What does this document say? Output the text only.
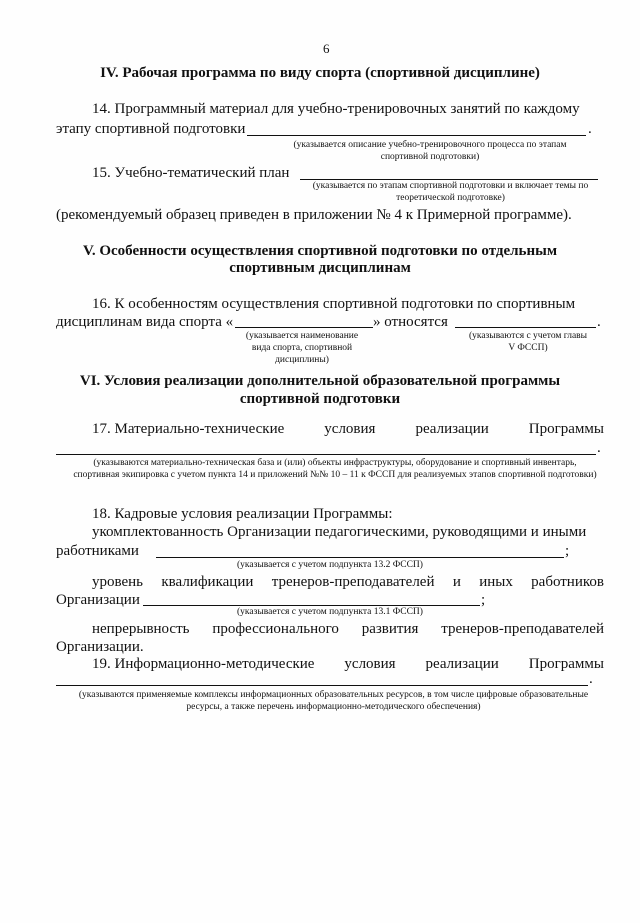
6
IV. Рабочая программа по виду спорта (спортивной дисциплине)
14. Программный материал для учебно-тренировочных занятий по каждому
этапу спортивной подготовки	.
(указывается описание учебно-тренировочного процесса по этапам спортивной подготовки)
15. Учебно-тематический план
(указывается по этапам спортивной подготовки и включает темы по теоретической подготовке)
(рекомендуемый образец приведен в приложении № 4 к Примерной программе).
V. Особенности осуществления спортивной подготовки по отдельным
спортивным дисциплинам
16. К особенностям осуществления спортивной подготовки по спортивным
дисциплинам вида спорта «	» относятся	.
(указывается наименование вида спорта, спортивной дисциплины)
(указываются с учетом главы V ФССП)
VI. Условия реализации дополнительной образовательной программы
спортивной подготовки
17. Материально-технические	условия	реализации	Программы
.
(указываются материально-техническая база и (или) объекты инфраструктуры, оборудование и спортивный инвентарь, спортивная экипировка с учетом пункта 14 и приложений №№ 10 – 11 к ФССП для реализуемых этапов спортивной подготовки)
18. Кадровые условия реализации Программы:
укомплектованность Организации педагогическими, руководящими и иными
работниками	;
(указывается с учетом подпункта 13.2 ФССП)
уровень квалификации тренеров-преподавателей и иных работников
Организации	;
(указывается с учетом подпункта 13.1 ФССП)
непрерывность профессионального развития тренеров-преподавателей
Организации.
19. Информационно-методические условия реализации Программы
.
(указываются применяемые комплексы информационных образовательных ресурсов, в том числе цифровые образовательные ресурсы, а также перечень информационно-методического обеспечения)
